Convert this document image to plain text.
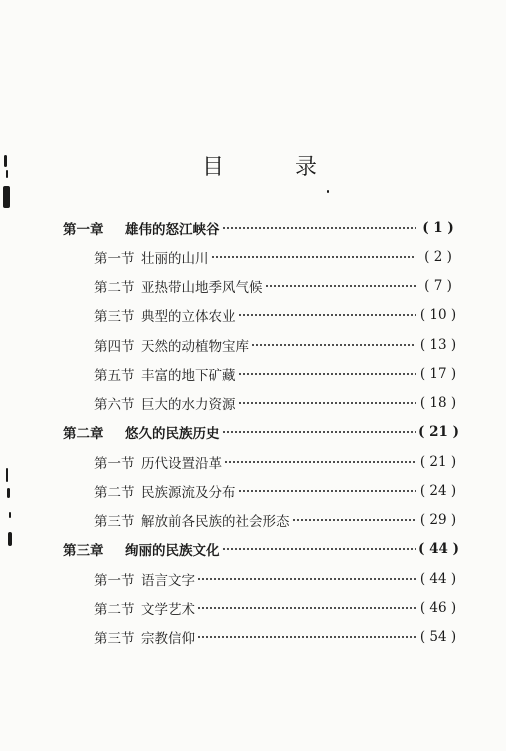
目	录
第一章	雄伟的怒江峡谷	( 1 )
第一节 壮丽的山川	( 2 )
第二节 亚热带山地季风气候	( 7 )
第三节 典型的立体农业	( 10 )
第四节 天然的动植物宝库	( 13 )
第五节 丰富的地下矿藏	( 17 )
第六节 巨大的水力资源	( 18 )
第二章	悠久的民族历史	( 21 )
第一节 历代设置沿革	( 21 )
第二节 民族源流及分布	( 24 )
第三节 解放前各民族的社会形态	( 29 )
第三章	绚丽的民族文化	( 44 )
第一节 语言文字	( 44 )
第二节 文学艺术	( 46 )
第三节 宗教信仰	( 54 )
